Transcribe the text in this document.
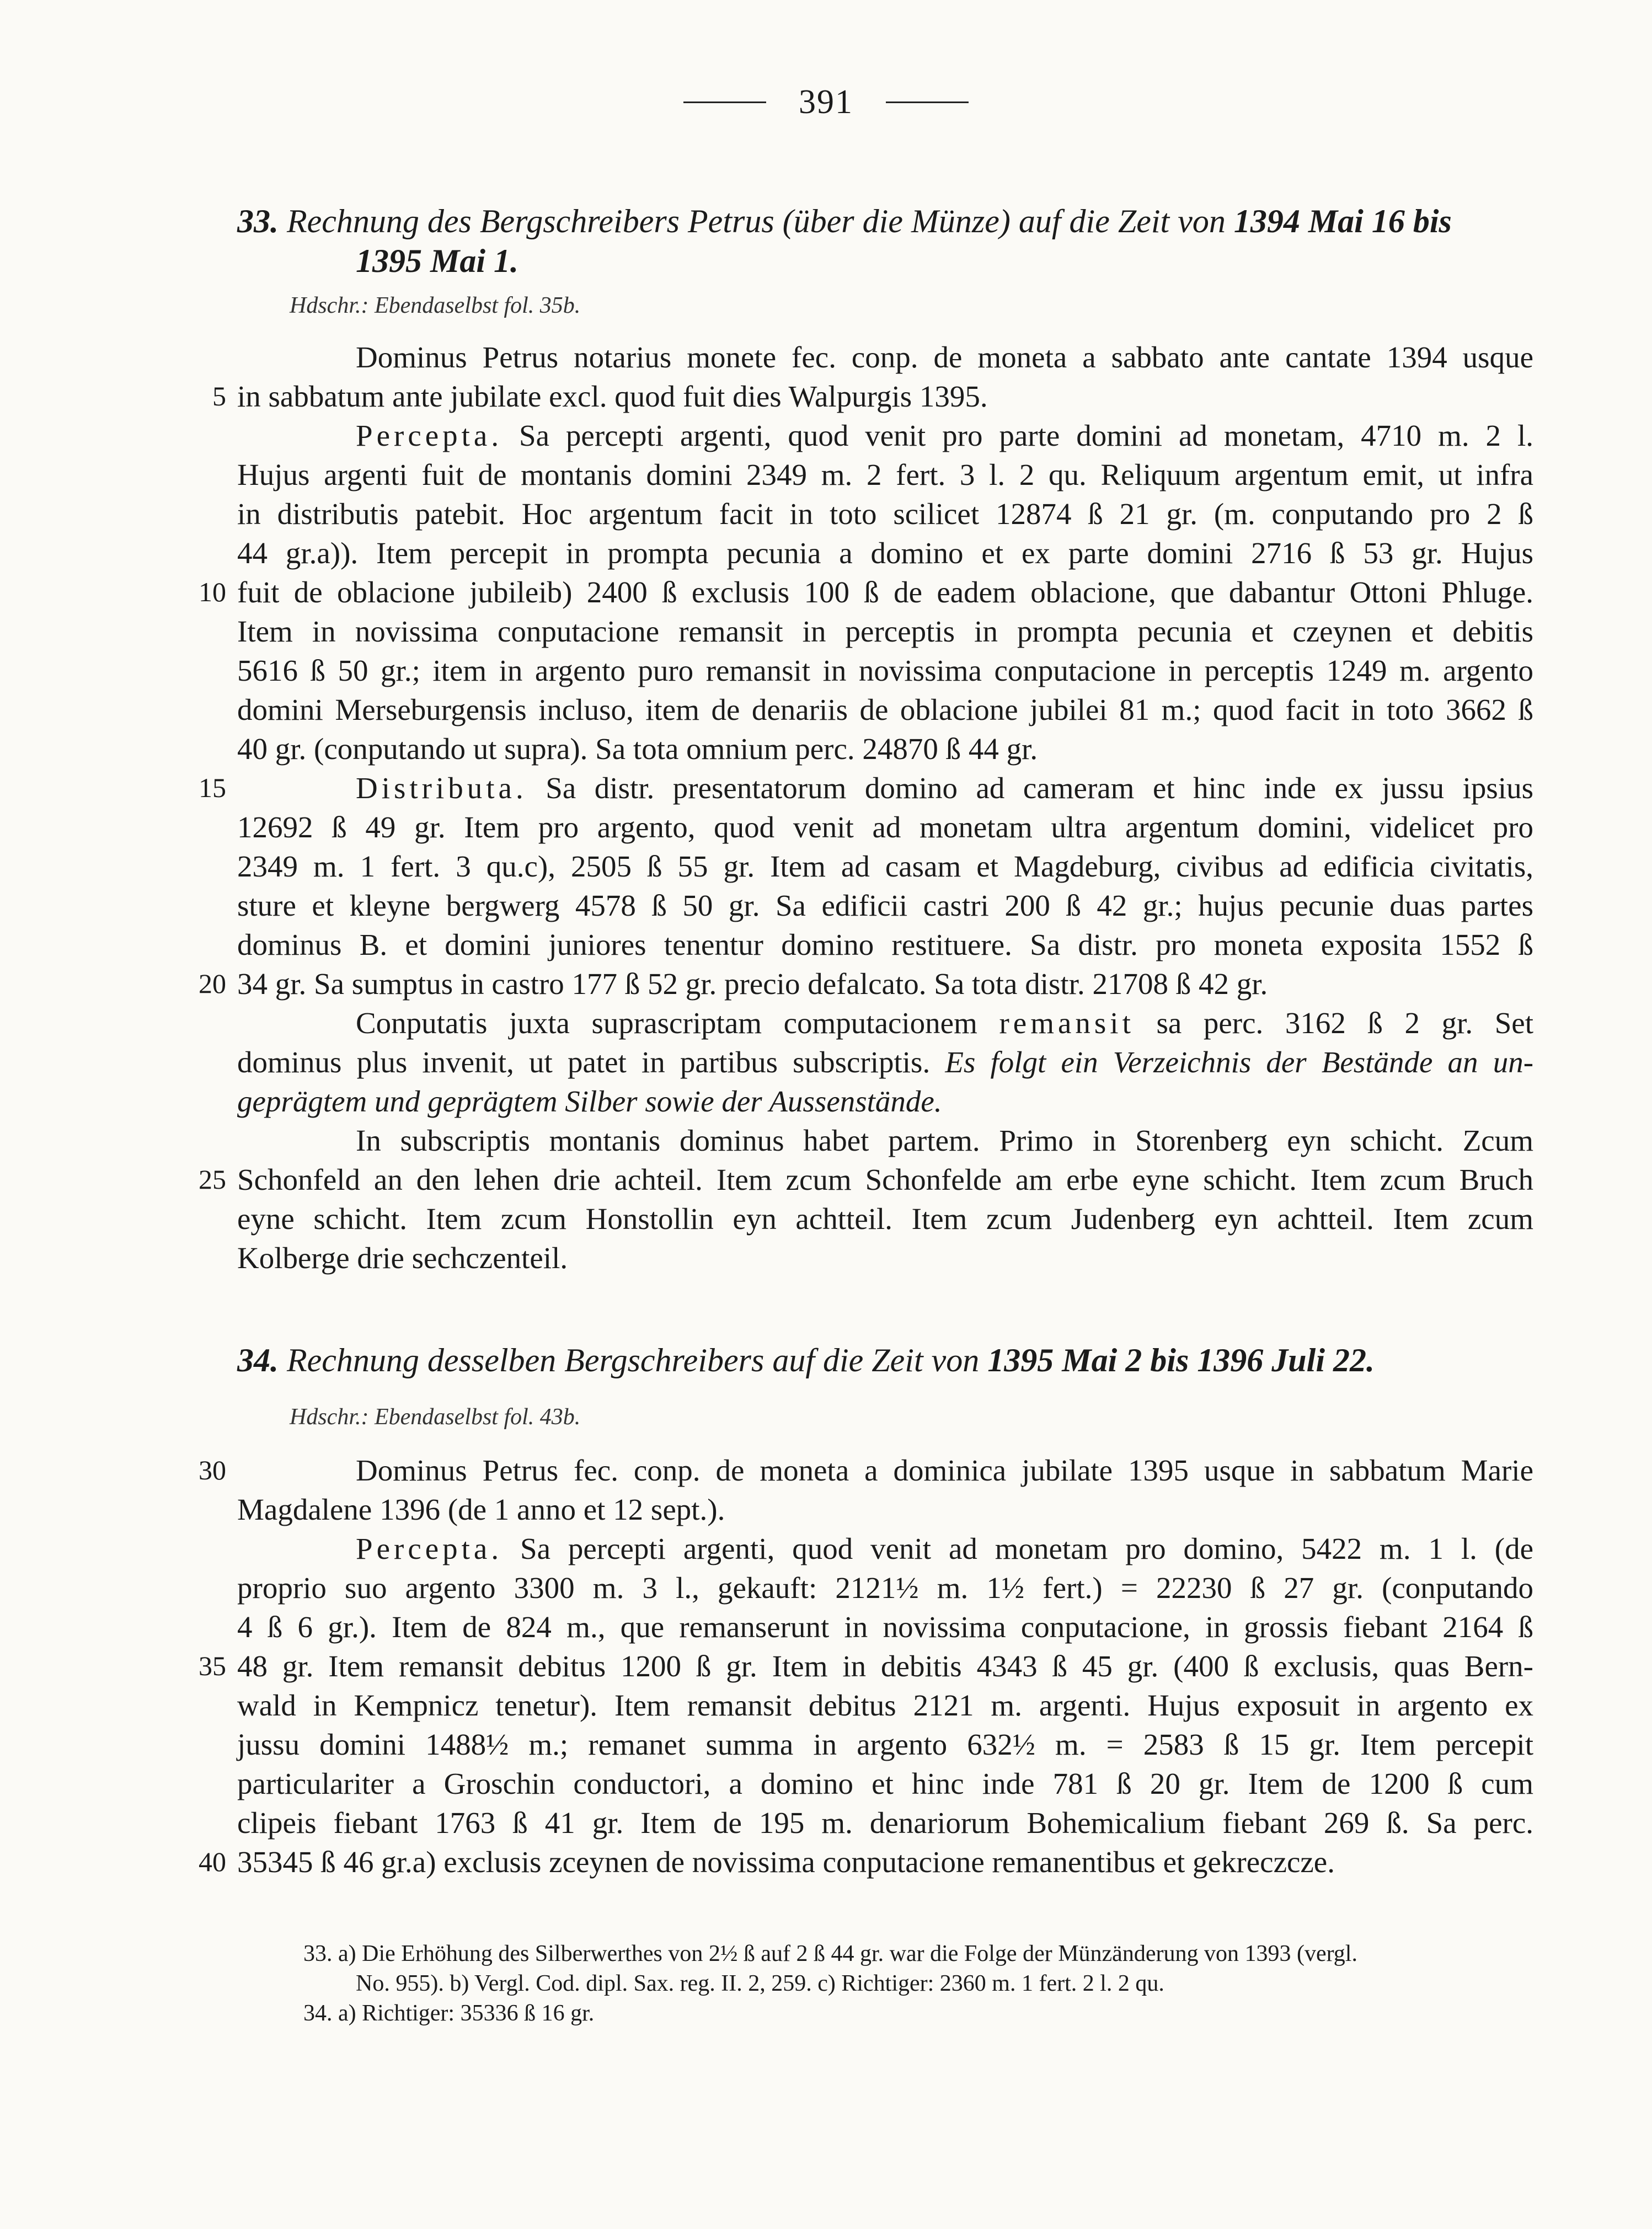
391
33. Rechnung des Bergschreibers Petrus (über die Münze) auf die Zeit von 1394 Mai 16 bis
1395 Mai 1.
Hdschr.: Ebendaselbst fol. 35b.
Dominus Petrus notarius monete fec. conp. de moneta a sabbato ante cantate 1394 usque
5 in sabbatum ante jubilate excl. quod fuit dies Walpurgis 1395.
Percepta. Sa percepti argenti, quod venit pro parte domini ad monetam, 4710 m. 2 l.
Hujus argenti fuit de montanis domini 2349 m. 2 fert. 3 l. 2 qu. Reliquum argentum emit, ut infra
in distributis patebit. Hoc argentum facit in toto scilicet 12874 ß 21 gr. (m. conputando pro 2 ß
44 gr.a)). Item percepit in prompta pecunia a domino et ex parte domini 2716 ß 53 gr. Hujus
10 fuit de oblacione jubileib) 2400 ß exclusis 100 ß de eadem oblacione, que dabantur Ottoni Phluge.
Item in novissima conputacione remansit in perceptis in prompta pecunia et czeynen et debitis
5616 ß 50 gr.; item in argento puro remansit in novissima conputacione in perceptis 1249 m. argento
domini Merseburgensis incluso, item de denariis de oblacione jubilei 81 m.; quod facit in toto 3662 ß
40 gr. (conputando ut supra). Sa tota omnium perc. 24870 ß 44 gr.
15	Distributa. Sa distr. presentatorum domino ad cameram et hinc inde ex jussu ipsius
12692 ß 49 gr. Item pro argento, quod venit ad monetam ultra argentum domini, videlicet pro
2349 m. 1 fert. 3 qu.c), 2505 ß 55 gr. Item ad casam et Magdeburg, civibus ad edificia civitatis,
sture et kleyne bergwerg 4578 ß 50 gr. Sa edificii castri 200 ß 42 gr.; hujus pecunie duas partes
dominus B. et domini juniores tenentur domino restituere. Sa distr. pro moneta exposita 1552 ß
20 34 gr. Sa sumptus in castro 177 ß 52 gr. precio defalcato. Sa tota distr. 21708 ß 42 gr.
Conputatis juxta suprascriptam computacionem remansit sa perc. 3162 ß 2 gr. Set
dominus plus invenit, ut patet in partibus subscriptis. Es folgt ein Verzeichnis der Bestände an un-
geprägtem und geprägtem Silber sowie der Aussenstände.
In subscriptis montanis dominus habet partem. Primo in Storenberg eyn schicht. Zcum
25 Schonfeld an den lehen drie achteil. Item zcum Schonfelde am erbe eyne schicht. Item zcum Bruch
eyne schicht. Item zcum Honstollin eyn achtteil. Item zcum Judenberg eyn achtteil. Item zcum
Kolberge drie sechczenteil.
34. Rechnung desselben Bergschreibers auf die Zeit von 1395 Mai 2 bis 1396 Juli 22.
Hdschr.: Ebendaselbst fol. 43b.
30	Dominus Petrus fec. conp. de moneta a dominica jubilate 1395 usque in sabbatum Marie
Magdalene 1396 (de 1 anno et 12 sept.).
Percepta. Sa percepti argenti, quod venit ad monetam pro domino, 5422 m. 1 l. (de
proprio suo argento 3300 m. 3 l., gekauft: 2121½ m. 1½ fert.) = 22230 ß 27 gr. (conputando
4 ß 6 gr.). Item de 824 m., que remanserunt in novissima conputacione, in grossis fiebant 2164 ß
35 48 gr. Item remansit debitus 1200 ß gr. Item in debitis 4343 ß 45 gr. (400 ß exclusis, quas Bern-
wald in Kempnicz tenetur). Item remansit debitus 2121 m. argenti. Hujus exposuit in argento ex
jussu domini 1488½ m.; remanet summa in argento 632½ m. = 2583 ß 15 gr. Item percepit
particulariter a Groschin conductori, a domino et hinc inde 781 ß 20 gr. Item de 1200 ß cum
clipeis fiebant 1763 ß 41 gr. Item de 195 m. denariorum Bohemicalium fiebant 269 ß. Sa perc.
40 35345 ß 46 gr.a) exclusis zceynen de novissima conputacione remanentibus et gekreczcze.
33. a) Die Erhöhung des Silberwerthes von 2½ ß auf 2 ß 44 gr. war die Folge der Münzänderung von 1393 (vergl.
No. 955). b) Vergl. Cod. dipl. Sax. reg. II. 2, 259. c) Richtiger: 2360 m. 1 fert. 2 l. 2 qu.
34. a) Richtiger: 35336 ß 16 gr.
